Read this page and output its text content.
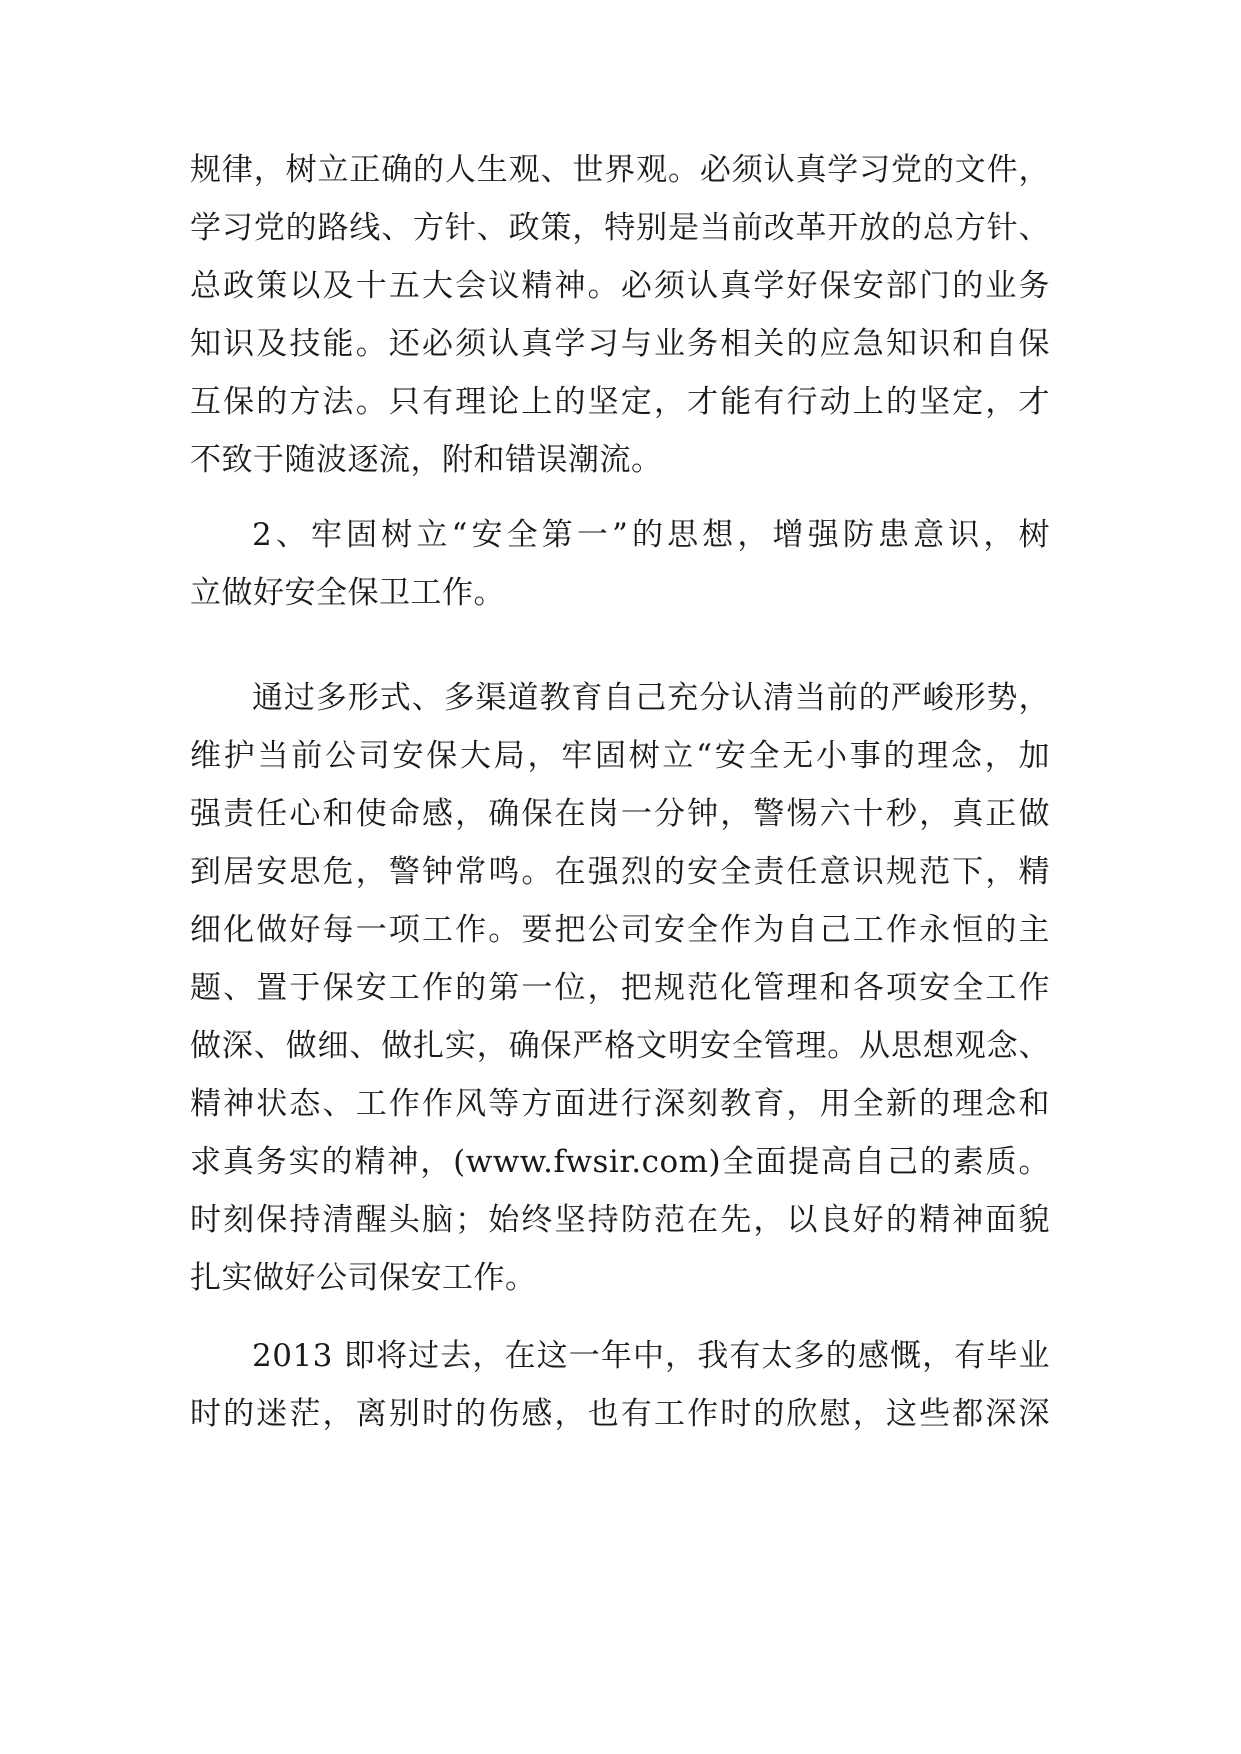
规律，树立正确的人生观、世界观。必须认真学习党的文件，
学习党的路线、方针、政策，特别是当前改革开放的总方针、
总政策以及十五大会议精神。必须认真学好保安部门的业务
知识及技能。还必须认真学习与业务相关的应急知识和自保
互保的方法。只有理论上的坚定，才能有行动上的坚定，才
不致于随波逐流，附和错误潮流。
2、牢固树立“安全第一”的思想，增强防患意识，树
立做好安全保卫工作。
通过多形式、多渠道教育自己充分认清当前的严峻形势，
维护当前公司安保大局，牢固树立“安全无小事的理念，加
强责任心和使命感，确保在岗一分钟，警惕六十秒，真正做
到居安思危，警钟常鸣。在强烈的安全责任意识规范下，精
细化做好每一项工作。要把公司安全作为自己工作永恒的主
题、置于保安工作的第一位，把规范化管理和各项安全工作
做深、做细、做扎实，确保严格文明安全管理。从思想观念、
精神状态、工作作风等方面进行深刻教育，用全新的理念和
求真务实的精神，(www.fwsir.com)全面提高自己的素质。
时刻保持清醒头脑；始终坚持防范在先，以良好的精神面貌
扎实做好公司保安工作。
2013 即将过去，在这一年中，我有太多的感慨，有毕业
时的迷茫，离别时的伤感，也有工作时的欣慰，这些都深深
